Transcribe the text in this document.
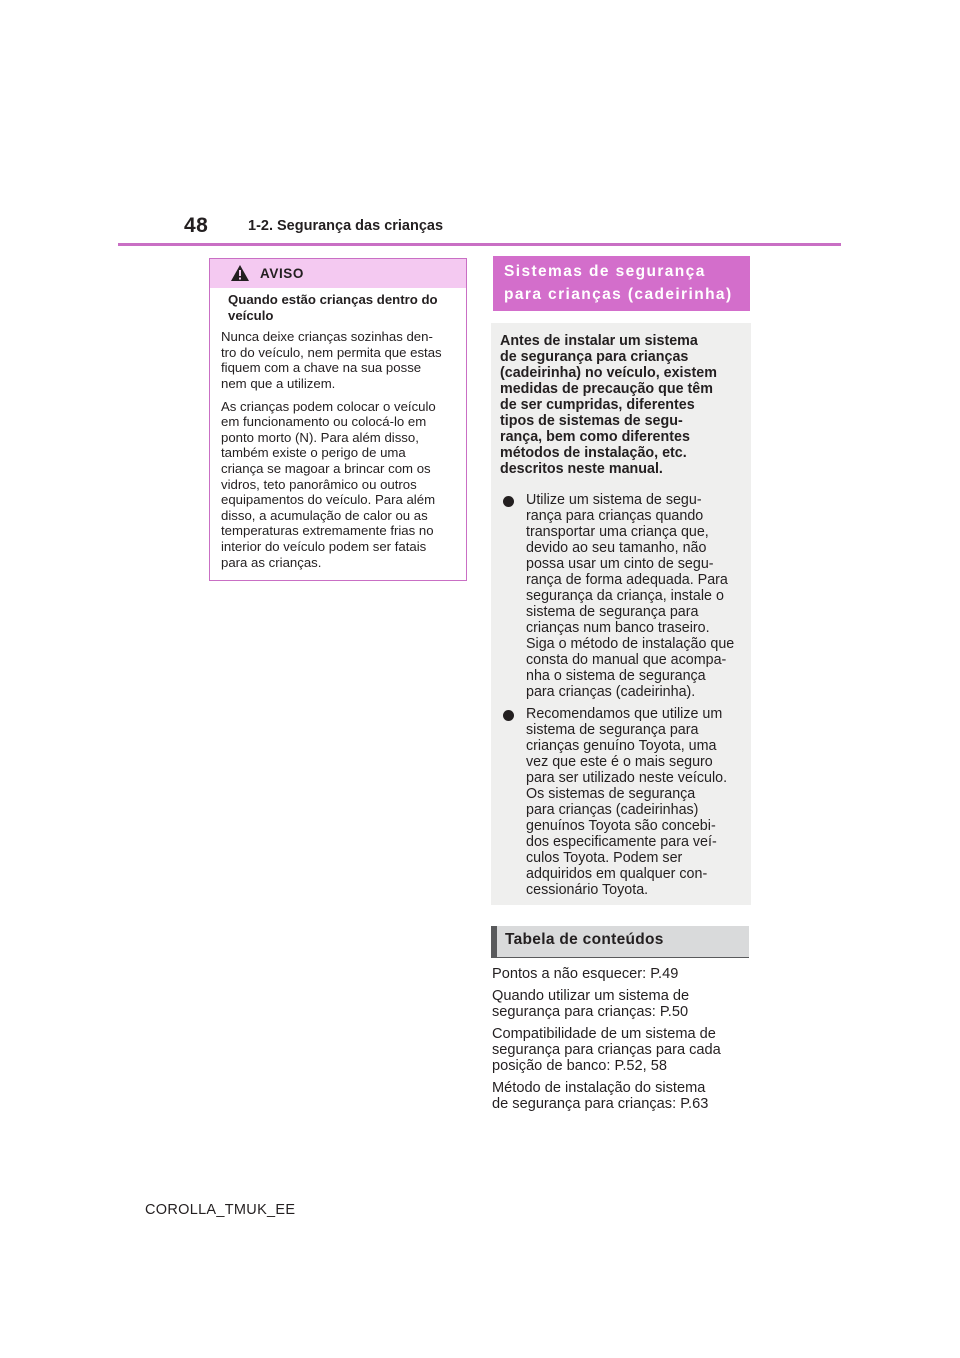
48	1-2. Segurança das crianças
AVISO
Quando estão crianças dentro do
veículo
Nunca deixe crianças sozinhas den-
tro do veículo, nem permita que estas
fiquem com a chave na sua posse
nem que a utilizem.
As crianças podem colocar o veículo
em funcionamento ou colocá-lo em
ponto morto (N). Para além disso,
também existe o perigo de uma
criança se magoar a brincar com os
vidros, teto panorâmico ou outros
equipamentos do veículo. Para além
disso, a acumulação de calor ou as
temperaturas extremamente frias no
interior do veículo podem ser fatais
para as crianças.
Sistemas de segurança
para crianças (cadeirinha)
Antes de instalar um sistema
de segurança para crianças
(cadeirinha) no veículo, existem
medidas de precaução que têm
de ser cumpridas, diferentes
tipos de sistemas de segu-
rança, bem como diferentes
métodos de instalação, etc.
descritos neste manual.
Utilize um sistema de segu-
rança para crianças quando
transportar uma criança que,
devido ao seu tamanho, não
possa usar um cinto de segu-
rança de forma adequada. Para
segurança da criança, instale o
sistema de segurança para
crianças num banco traseiro.
Siga o método de instalação que
consta do manual que acompa-
nha o sistema de segurança
para crianças (cadeirinha).
Recomendamos que utilize um
sistema de segurança para
crianças genuíno Toyota, uma
vez que este é o mais seguro
para ser utilizado neste veículo.
Os sistemas de segurança
para crianças (cadeirinhas)
genuínos Toyota são concebi-
dos especificamente para veí-
culos Toyota. Podem ser
adquiridos em qualquer con-
cessionário Toyota.
Tabela de conteúdos
Pontos a não esquecer: P.49
Quando utilizar um sistema de
segurança para crianças: P.50
Compatibilidade de um sistema de
segurança para crianças para cada
posição de banco: P.52, 58
Método de instalação do sistema
de segurança para crianças: P.63
COROLLA_TMUK_EE
